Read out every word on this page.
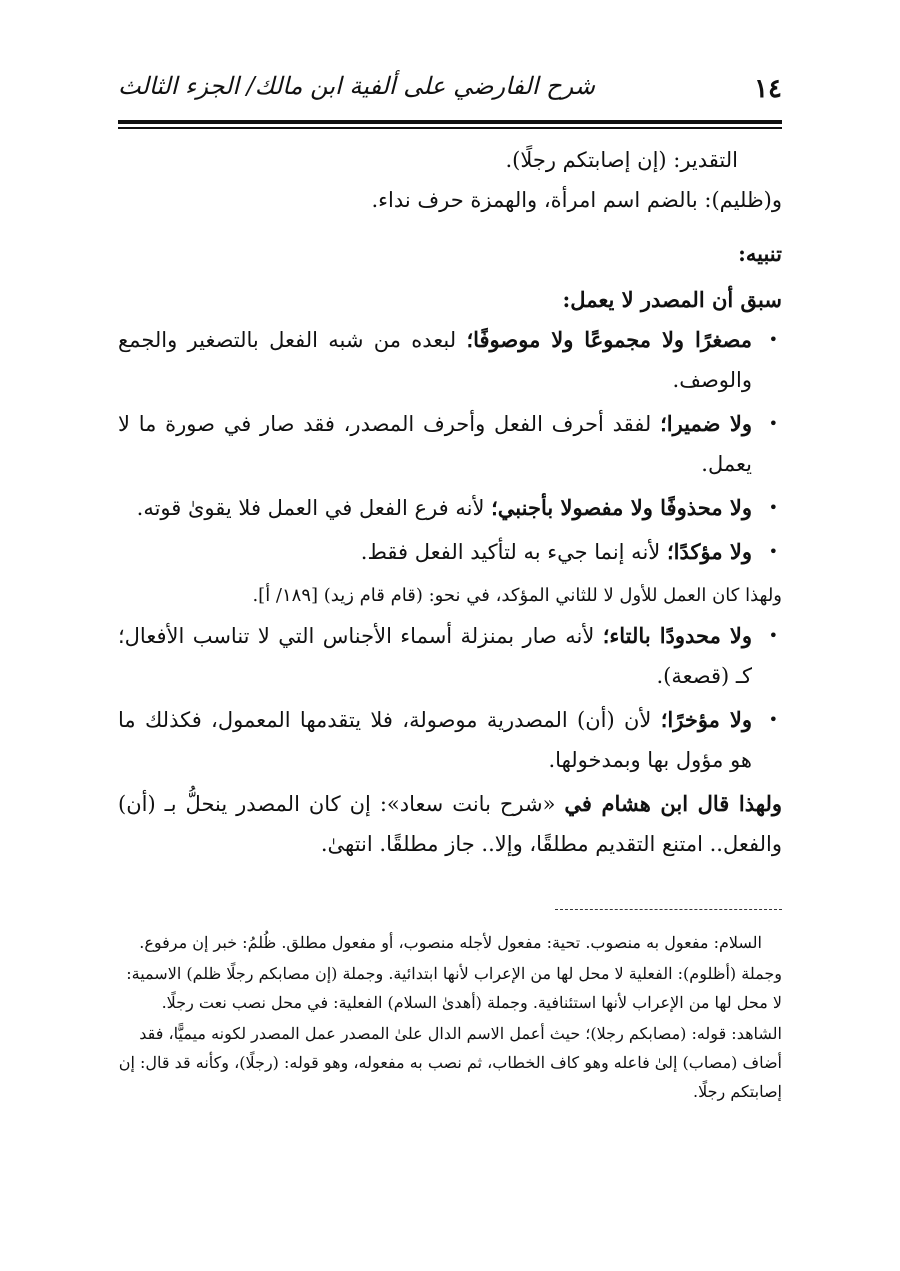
١٤
شرح الفارضي على ألفية ابن مالك/ الجزء الثالث
التقدير: (إن إصابتكم رجلًا).
و(ظليم): بالضم اسم امرأة، والهمزة حرف نداء.
تنبيه:
سبق أن المصدر لا يعمل:
•
مصغرًا ولا مجموعًا ولا موصوفًا؛ لبعده من شبه الفعل بالتصغير والجمع والوصف.
•
ولا ضميرا؛ لفقد أحرف الفعل وأحرف المصدر، فقد صار في صورة ما لا يعمل.
•
ولا محذوفًا ولا مفصولا بأجنبي؛ لأنه فرع الفعل في العمل فلا يقوىٰ قوته.
•
ولا مؤكدًا؛ لأنه إنما جيء به لتأكيد الفعل فقط.
ولهذا كان العمل للأول لا للثاني المؤكد، في نحو: (قام قام زيد) [١٨٩/ أ].
•
ولا محدودًا بالتاء؛ لأنه صار بمنزلة أسماء الأجناس التي لا تناسب الأفعال؛ كـ (قصعة).
•
ولا مؤخرًا؛ لأن (أن) المصدرية موصولة، فلا يتقدمها المعمول، فكذلك ما هو مؤول بها وبمدخولها.
ولهذا قال ابن هشام في «شرح بانت سعاد»: إن كان المصدر ينحلُّ بـ (أن) والفعل.. امتنع التقديم مطلقًا، وإلا.. جاز مطلقًا. انتهىٰ.
السلام: مفعول به منصوب. تحية: مفعول لأجله منصوب، أو مفعول مطلق. ظُلمُ: خبر إن مرفوع.
وجملة (أظلوم): الفعلية لا محل لها من الإعراب لأنها ابتدائية. وجملة (إن مصابكم رجلًا ظلم) الاسمية: لا محل لها من الإعراب لأنها استئنافية. وجملة (أهدىٰ السلام) الفعلية: في محل نصب نعت رجلًا.
الشاهد: قوله: (مصابكم رجلا)؛ حيث أعمل الاسم الدال علىٰ المصدر عمل المصدر لكونه ميميًّا، فقد أضاف (مصاب) إلىٰ فاعله وهو كاف الخطاب، ثم نصب به مفعوله، وهو قوله: (رجلًا)، وكأنه قد قال: إن إصابتكم رجلًا.
